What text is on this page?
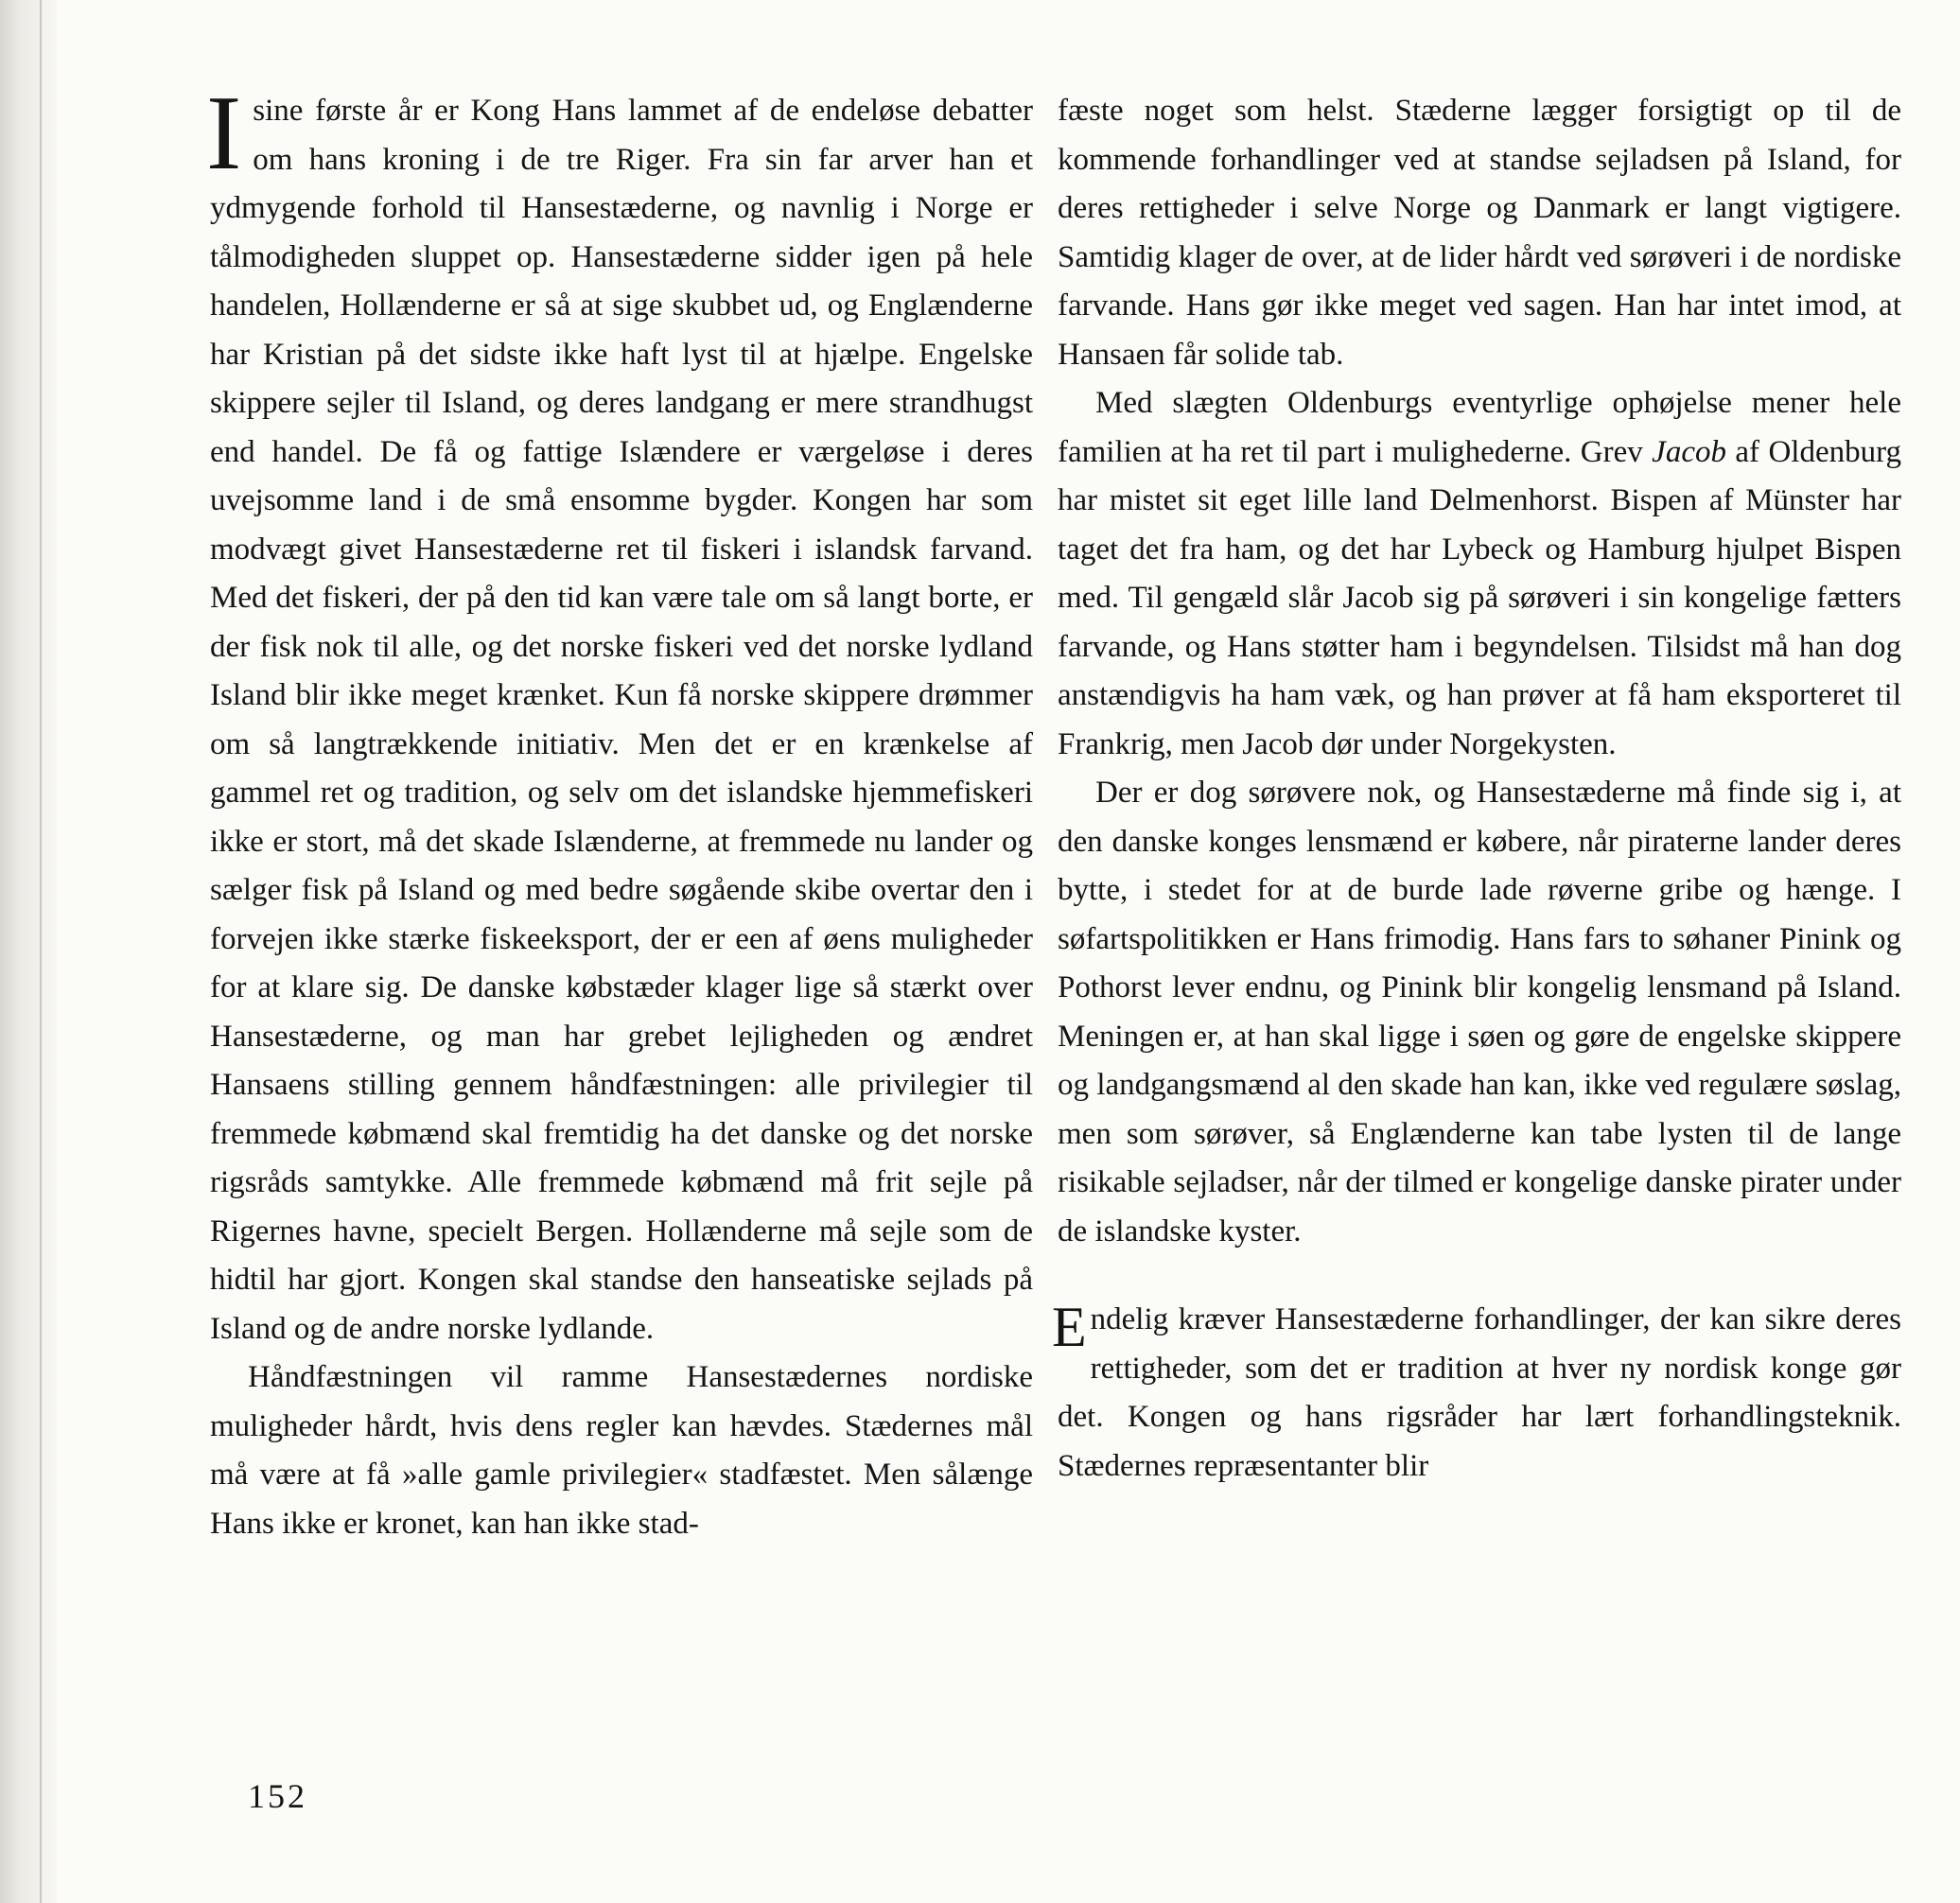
Isine første år er Kong Hans lammet af de endeløse debatter om hans kroning i de tre Riger. Fra sin far arver han et ydmygende forhold til Hansestæderne, og navnlig i Norge er tålmodigheden sluppet op. Hansestæderne sidder igen på hele handelen, Hollænderne er så at sige skubbet ud, og Englænderne har Kristian på det sidste ikke haft lyst til at hjælpe. Engelske skippere sejler til Island, og deres landgang er mere strandhugst end handel. De få og fattige Islændere er værgeløse i deres uvejsomme land i de små ensomme bygder. Kongen har som modvægt givet Hansestæderne ret til fiskeri i islandsk farvand. Med det fiskeri, der på den tid kan være tale om så langt borte, er der fisk nok til alle, og det norske fiskeri ved det norske lydland Island blir ikke meget krænket. Kun få norske skippere drømmer om så langtrækkende initiativ. Men det er en krænkelse af gammel ret og tradition, og selv om det islandske hjemmefiskeri ikke er stort, må det skade Islænderne, at fremmede nu lander og sælger fisk på Island og med bedre søgående skibe overtar den i forvejen ikke stærke fiskeeksport, der er een af øens muligheder for at klare sig. De danske købstæder klager lige så stærkt over Hansestæderne, og man har grebet lejligheden og ændret Hansaens stilling gennem håndfæstningen: alle privilegier til fremmede købmænd skal fremtidig ha det danske og det norske rigsråds samtykke. Alle fremmede købmænd må frit sejle på Rigernes havne, specielt Bergen. Hollænderne må sejle som de hidtil har gjort. Kongen skal standse den hanseatiske sejlads på Island og de andre norske lydlande.

Håndfæstningen vil ramme Hansestædernes nordiske muligheder hårdt, hvis dens regler kan hævdes. Stædernes mål må være at få »alle gamle privilegier« stadfæstet. Men sålænge Hans ikke er kronet, kan han ikke stad-

fæste noget som helst. Stæderne lægger forsigtigt op til de kommende forhandlinger ved at standse sejladsen på Island, for deres rettigheder i selve Norge og Danmark er langt vigtigere. Samtidig klager de over, at de lider hårdt ved sørøveri i de nordiske farvande. Hans gør ikke meget ved sagen. Han har intet imod, at Hansaen får solide tab.

Med slægten Oldenburgs eventyrlige ophøjelse mener hele familien at ha ret til part i mulighederne. Grev Jacob af Oldenburg har mistet sit eget lille land Delmenhorst. Bispen af Münster har taget det fra ham, og det har Lybeck og Hamburg hjulpet Bispen med. Til gengæld slår Jacob sig på sørøveri i sin kongelige fætters farvande, og Hans støtter ham i begyndelsen. Tilsidst må han dog anstændigvis ha ham væk, og han prøver at få ham eksporteret til Frankrig, men Jacob dør under Norgekysten.

Der er dog sørøvere nok, og Hansestæderne må finde sig i, at den danske konges lensmænd er købere, når piraterne lander deres bytte, i stedet for at de burde lade røverne gribe og hænge. I søfartspolitikken er Hans frimodig. Hans fars to søhaner Pinink og Pothorst lever endnu, og Pinink blir kongelig lensmand på Island. Meningen er, at han skal ligge i søen og gøre de engelske skippere og landgangsmænd al den skade han kan, ikke ved regulære søslag, men som sørøver, så Englænderne kan tabe lysten til de lange risikable sejladser, når der tilmed er kongelige danske pirater under de islandske kyster.

Endelig kræver Hansestæderne forhandlinger, der kan sikre deres rettigheder, som det er tradition at hver ny nordisk konge gør det. Kongen og hans rigsråder har lært forhandlingsteknik. Stædernes repræsentanter blir

152
